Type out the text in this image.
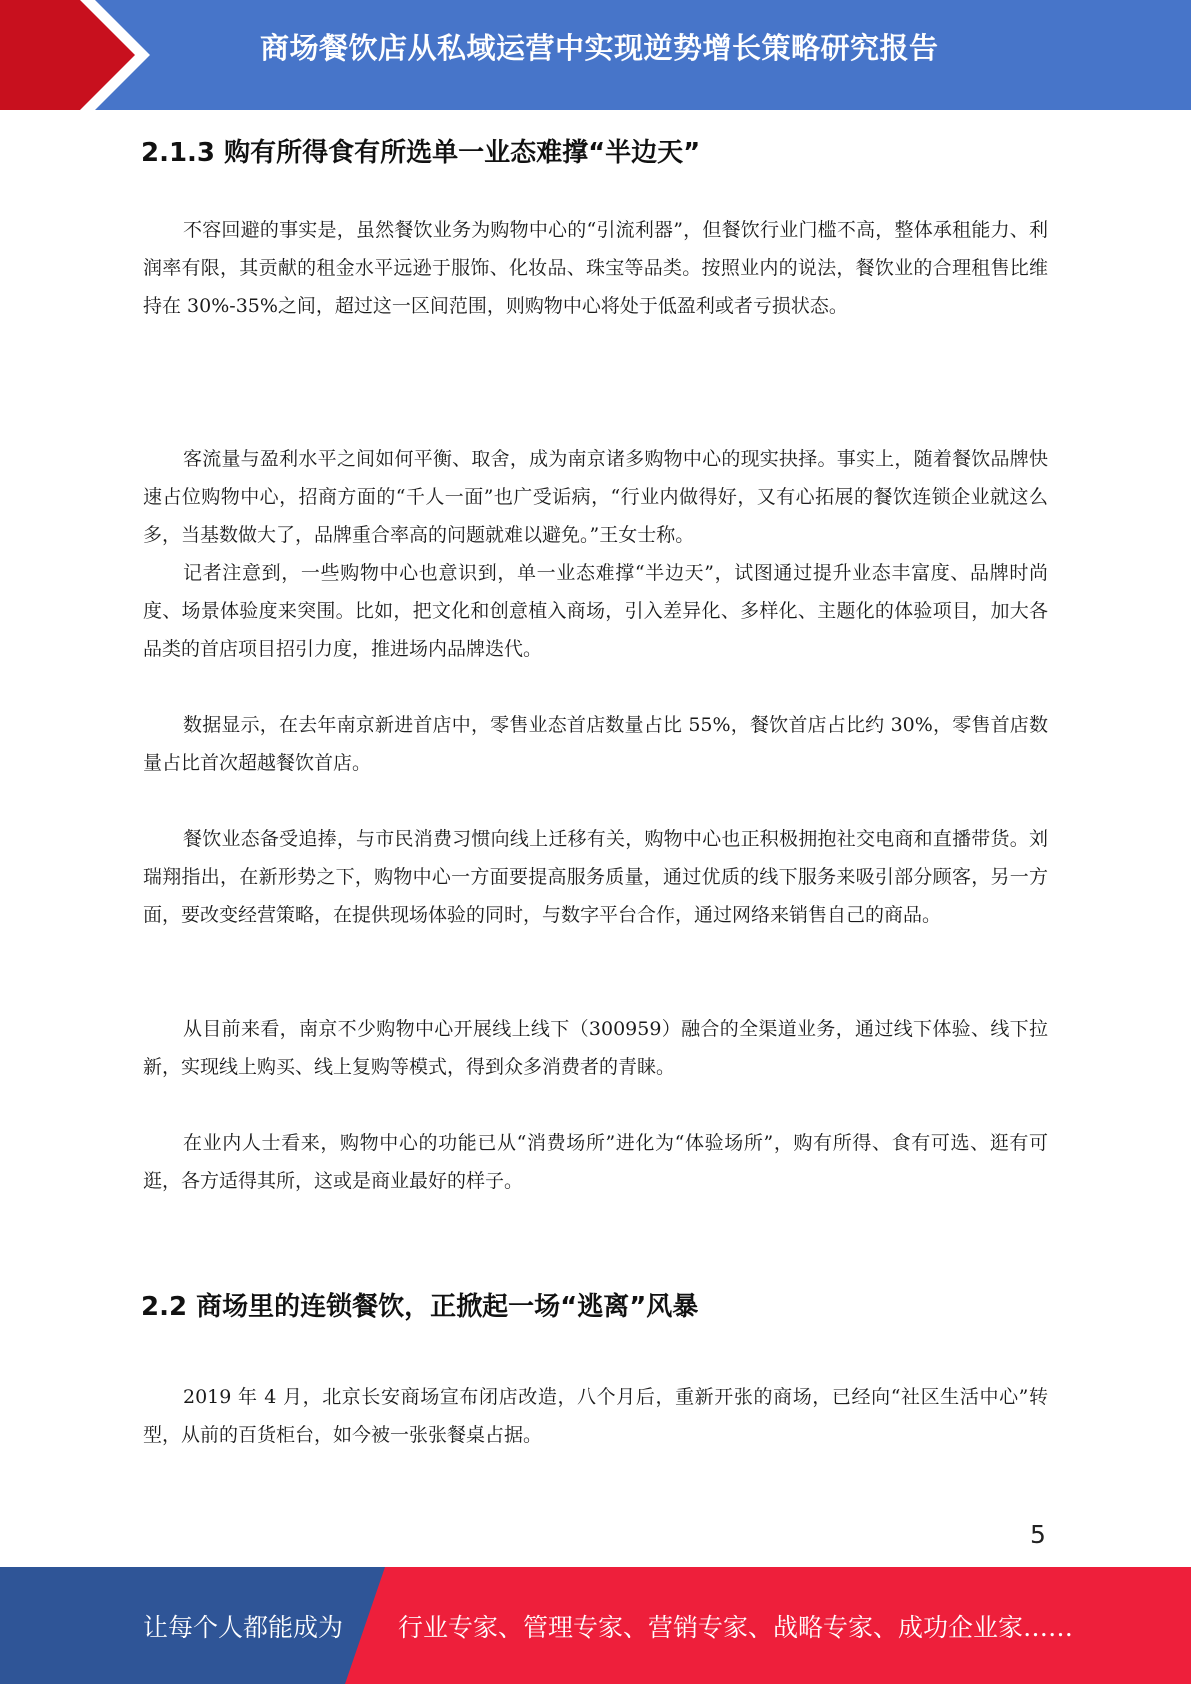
商场餐饮店从私域运营中实现逆势增长策略研究报告
2.1.3 购有所得食有所选单一业态难撑“半边天”

不容回避的事实是，虽然餐饮业务为购物中心的“引流利器”，但餐饮行业门槛不高，整体承租能力、利润率有限，其贡献的租金水平远逊于服饰、化妆品、珠宝等品类。按照业内的说法，餐饮业的合理租售比维持在 30%-35%之间，超过这一区间范围，则购物中心将处于低盈利或者亏损状态。

客流量与盈利水平之间如何平衡、取舍，成为南京诸多购物中心的现实抉择。事实上，随着餐饮品牌快速占位购物中心，招商方面的“千人一面”也广受诟病，“行业内做得好，又有心拓展的餐饮连锁企业就这么多，当基数做大了，品牌重合率高的问题就难以避免。”王女士称。

记者注意到，一些购物中心也意识到，单一业态难撑“半边天”，试图通过提升业态丰富度、品牌时尚度、场景体验度来突围。比如，把文化和创意植入商场，引入差异化、多样化、主题化的体验项目，加大各品类的首店项目招引力度，推进场内品牌迭代。

数据显示，在去年南京新进首店中，零售业态首店数量占比 55%，餐饮首店占比约 30%，零售首店数量占比首次超越餐饮首店。

餐饮业态备受追捧，与市民消费习惯向线上迁移有关，购物中心也正积极拥抱社交电商和直播带货。刘瑞翔指出，在新形势之下，购物中心一方面要提高服务质量，通过优质的线下服务来吸引部分顾客，另一方面，要改变经营策略，在提供现场体验的同时，与数字平台合作，通过网络来销售自己的商品。

从目前来看，南京不少购物中心开展线上线下（300959）融合的全渠道业务，通过线下体验、线下拉新，实现线上购买、线上复购等模式，得到众多消费者的青睐。

在业内人士看来，购物中心的功能已从“消费场所”进化为“体验场所”，购有所得、食有可选、逛有可逛，各方适得其所，这或是商业最好的样子。

2.2 商场里的连锁餐饮，正掀起一场“逃离”风暴

2019 年 4 月，北京长安商场宣布闭店改造，八个月后，重新开张的商场，已经向“社区生活中心”转型，从前的百货柜台，如今被一张张餐桌占据。

5
让每个人都能成为 行业专家、管理专家、营销专家、战略专家、成功企业家……
